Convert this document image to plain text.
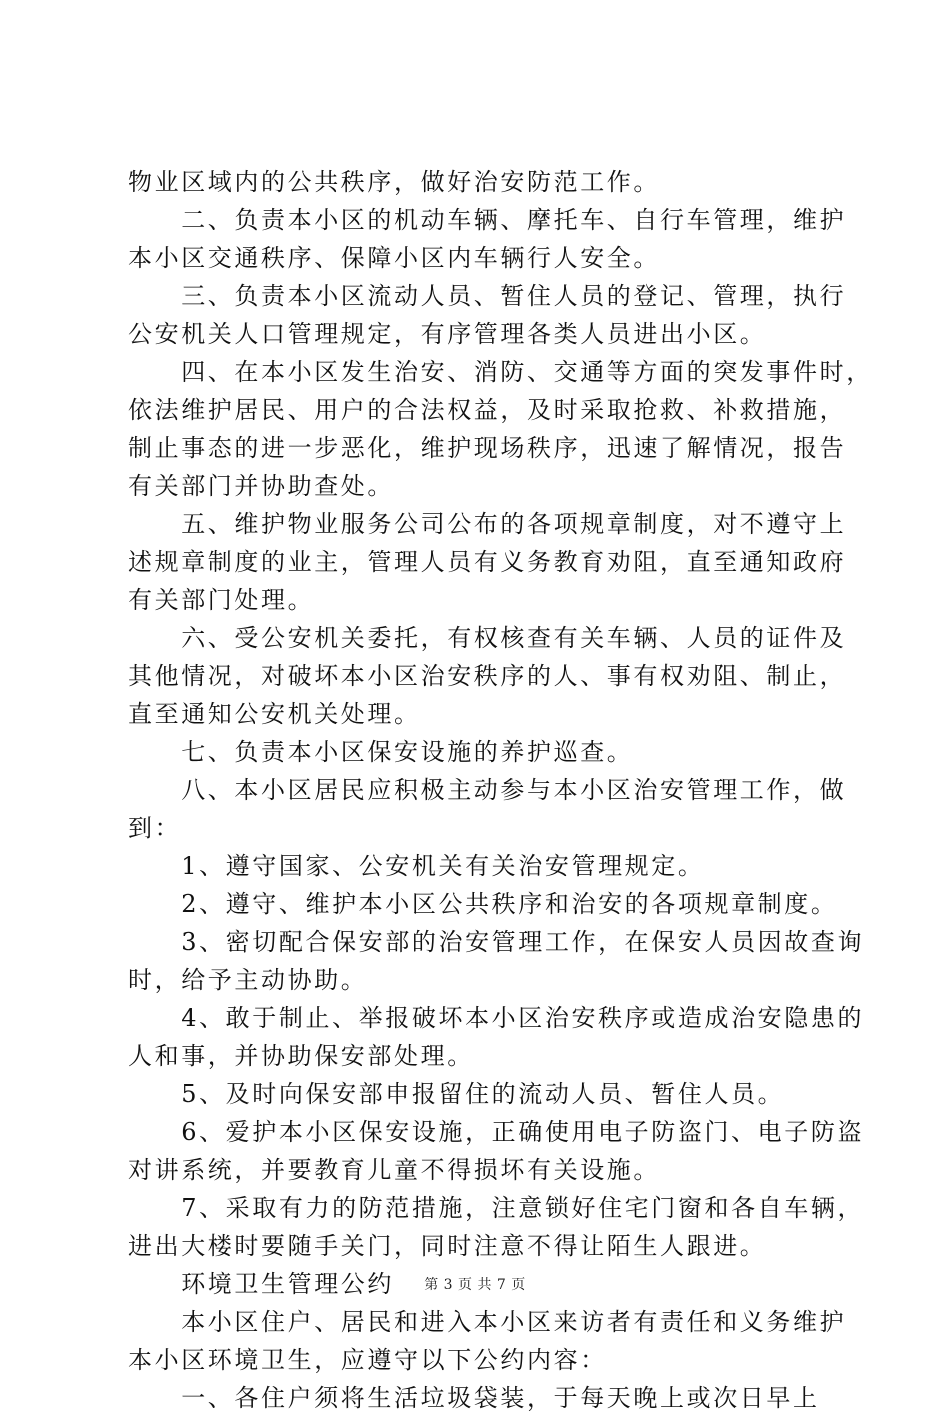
物业区域内的公共秩序，做好治安防范工作。
　　二、负责本小区的机动车辆、摩托车、自行车管理，维护
本小区交通秩序、保障小区内车辆行人安全。
　　三、负责本小区流动人员、暂住人员的登记、管理，执行
公安机关人口管理规定，有序管理各类人员进出小区。
　　四、在本小区发生治安、消防、交通等方面的突发事件时，
依法维护居民、用户的合法权益，及时采取抢救、补救措施，
制止事态的进一步恶化，维护现场秩序，迅速了解情况，报告
有关部门并协助查处。
　　五、维护物业服务公司公布的各项规章制度，对不遵守上
述规章制度的业主，管理人员有义务教育劝阻，直至通知政府
有关部门处理。
　　六、受公安机关委托，有权核查有关车辆、人员的证件及
其他情况，对破坏本小区治安秩序的人、事有权劝阻、制止，
直至通知公安机关处理。
　　七、负责本小区保安设施的养护巡查。
　　八、本小区居民应积极主动参与本小区治安管理工作，做
到：
　　1、遵守国家、公安机关有关治安管理规定。
　　2、遵守、维护本小区公共秩序和治安的各项规章制度。
　　3、密切配合保安部的治安管理工作，在保安人员因故查询
时，给予主动协助。
　　4、敢于制止、举报破坏本小区治安秩序或造成治安隐患的
人和事，并协助保安部处理。
　　5、及时向保安部申报留住的流动人员、暂住人员。
　　6、爱护本小区保安设施，正确使用电子防盗门、电子防盗
对讲系统，并要教育儿童不得损坏有关设施。
　　7、采取有力的防范措施，注意锁好住宅门窗和各自车辆，
进出大楼时要随手关门，同时注意不得让陌生人跟进。
　　环境卫生管理公约
　　本小区住户、居民和进入本小区来访者有责任和义务维护
本小区环境卫生，应遵守以下公约内容：
　　一、各住户须将生活垃圾袋装，于每天晚上或次日早上
第 3 页 共 7 页
